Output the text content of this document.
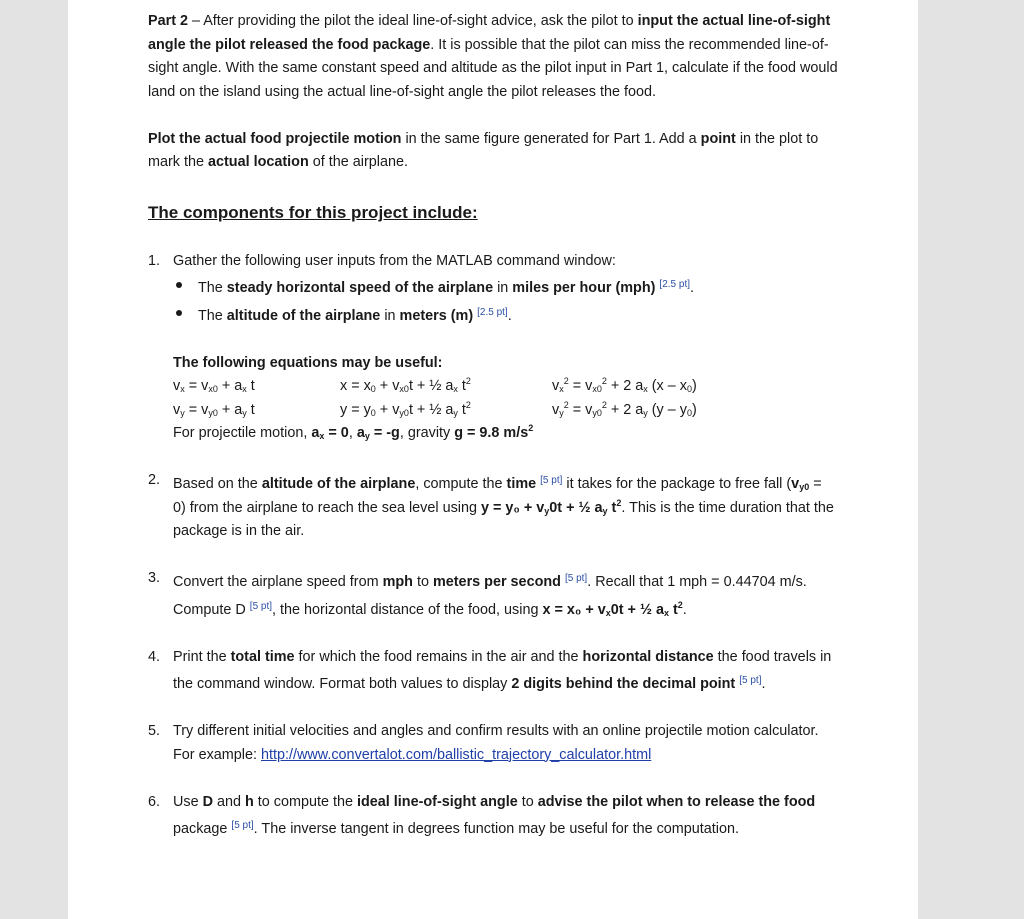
Part 2 – After providing the pilot the ideal line-of-sight advice, ask the pilot to input the actual line-of-sight angle the pilot released the food package. It is possible that the pilot can miss the recommended line-of-sight angle. With the same constant speed and altitude as the pilot input in Part 1, calculate if the food would land on the island using the actual line-of-sight angle the pilot releases the food.

Plot the actual food projectile motion in the same figure generated for Part 1. Add a point in the plot to mark the actual location of the airplane.

The components for this project include:

1. Gather the following user inputs from the MATLAB command window:

The steady horizontal speed of the airplane in miles per hour (mph) [2.5 pt].
The altitude of the airplane in meters (m) [2.5 pt].

The following equations may be useful:

$v_x = v_{x0} + a_x$ t	$x = x_0 + v_{x0}t$ + ½ $a_x$ $t^2$	$v_x^2 = v_{x0}^2 + 2$ $a_x$ $(x - x_0)$
$v_y = v_{y0} + a_y$ t	$y = y_0 + v_{y0}t$ + ½ $a_y$ $t^2$	$v_y^2 = v_{y0}^2 + 2$ $a_y$ $(y - y_0)$

For projectile motion, $a_x = 0$, $a_y = -g$, gravity g = 9.8 $m/s^2$

2. Based on the altitude of the airplane, compute the time [5 pt] it takes for the package to free fall $(v_{y0} = 0)$ from the airplane to reach the sea level using $y = y_0 + v_y0t$ + ½ $a_y$ $t^2$. This is the time duration that the package is in the air.

3. Convert the airplane speed from mph to meters per second [5 pt]. Recall that 1 mph = 0.44704 m/s. Compute D [5 pt], the horizontal distance of the food, using $x = x_0 + v_x0t$ + ½ $a_x$ $t^2$.

4. Print the total time for which the food remains in the air and the horizontal distance the food travels in the command window. Format both values to display 2 digits behind the decimal point [5 pt].

5. Try different initial velocities and angles and confirm results with an online projectile motion calculator. For example: http://www.convertalot.com/ballistic_trajectory_calculator.html

6. Use D and h to compute the ideal line-of-sight angle to advise the pilot when to release the food package [5 pt]. The inverse tangent in degrees function may be useful for the computation.
